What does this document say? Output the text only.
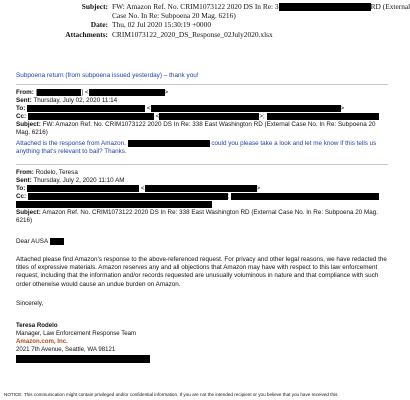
Subject: FW: Amazon Ref. No. CRIM1073122 2020 DS In Re: 3	RD (External
Case No. In Re: Subpoena 20 Mag. 6216)
Date: Thu, 02 Jul 2020 15:30:19 +0000
Attachments: CRIM1073122_2020_DS_Response_02July2020.xlsx
Subpoena return (from subpoena issued yesterday) – thank you!
From:	] <	>
Sent: Thursday, July 02, 2020 11:14
To:	<	>
Cc:	<	>;
Subject: FW: Amazon Ref. No. CRIM1073122 2020 DS In Re: 338 East Washington RD (External Case No. In Re: Subpoena 20 Mag. 6216)
Attached is the response from Amazon.	could you please take a look and let me know if this tells us anything that's relevant to bail? Thanks.
From: Rodelo, Teresa
Sent: Thursday, July 2, 2020 11:10 AM
To:	<	>
Cc:	;
Subject: Amazon Ref. No. CRIM1073122 2020 DS In Re: 338 East Washington RD (External Case No. In Re: Subpoena 20 Mag. 6216)
Dear AUSA
Attached please find Amazon's response to the above-referenced request. For privacy and other legal reasons, we have redacted the titles of expressive materials. Amazon reserves any and all objections that Amazon may have with respect to this law enforcement request, including that the information and/or records requested are unusually voluminous in nature and that compliance with such order otherwise would cause an undue burden on Amazon.
Sincerely,
Teresa Rodelo
Manager, Law Enforcement Response Team
Amazon.com, Inc.
2021 7th Avenue, Seattle, WA 98121
NOTICE: This communication might contain privileged and/or confidential information. If you are not the intended recipient or you believe that you have received this
